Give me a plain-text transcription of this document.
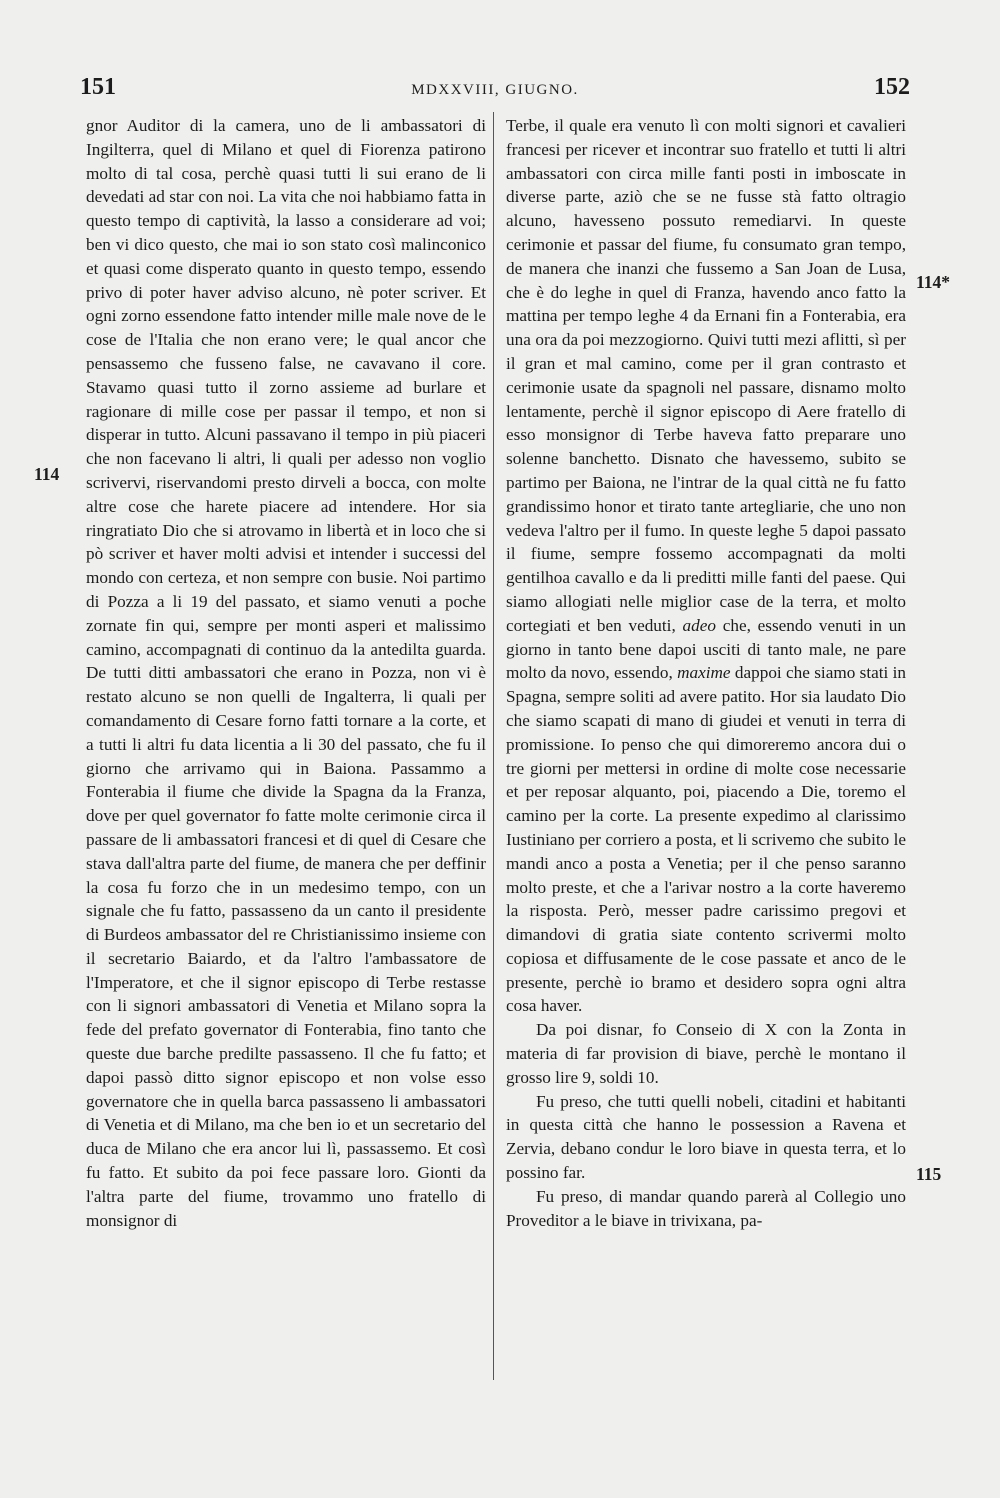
151	MDXXVIII, GIUGNO.	152
114
114*
115

gnor Auditor di la camera, uno de li ambassatori di Ingilterra, quel di Milano et quel di Fiorenza patirono molto di tal cosa, perchè quasi tutti li sui erano de li devedati ad star con noi. La vita che noi habbiamo fatta in questo tempo di captività, la lasso a considerare ad voi; ben vi dico questo, che mai io son stato così malinconico et quasi come disperato quanto in questo tempo, essendo privo di poter haver adviso alcuno, nè poter scriver. Et ogni zorno essendone fatto intender mille male nove de le cose de l'Italia che non erano vere; le qual ancor che pensassemo che fusseno false, ne cavavano il core. Stavamo quasi tutto il zorno assieme ad burlare et ragionare di mille cose per passar il tempo, et non si disperar in tutto. Alcuni passavano il tempo in più piaceri che non facevano li altri, li quali per adesso non voglio scrivervi, riservandomi presto dirveli a bocca, con molte altre cose che harete piacere ad intendere. Hor sia ringratiato Dio che si atrovamo in libertà et in loco che si pò scriver et haver molti advisi et intender i successi del mondo con certeza, et non sempre con busie. Noi partimo di Pozza a li 19 del passato, et siamo venuti a poche zornate fin qui, sempre per monti asperi et malissimo camino, accompagnati di continuo da la antedilta guarda. De tutti ditti ambassatori che erano in Pozza, non vi è restato alcuno se non quelli de Ingalterra, li quali per comandamento di Cesare forno fatti tornare a la corte, et a tutti li altri fu data licentia a li 30 del passato, che fu il giorno che arrivamo qui in Baiona. Passammo a Fonterabia il fiume che divide la Spagna da la Franza, dove per quel governator fo fatte molte cerimonie circa il passare de li ambassatori francesi et di quel di Cesare che stava dall'altra parte del fiume, de manera che per deffinir la cosa fu forzo che in un medesimo tempo, con un signale che fu fatto, passasseno da un canto il presidente di Burdeos ambassator del re Christianissimo insieme con il secretario Baiardo, et da l'altro l'ambassatore de l'Imperatore, et che il signor episcopo di Terbe restasse con li signori ambassatori di Venetia et Milano sopra la fede del prefato governator di Fonterabia, fino tanto che queste due barche predilte passasseno. Il che fu fatto; et dapoi passò ditto signor episcopo et non volse esso governatore che in quella barca passasseno li ambassatori di Venetia et di Milano, ma che ben io et un secretario del duca de Milano che era ancor lui lì, passassemo. Et così fu fatto. Et subito da poi fece passare loro. Gionti da l'altra parte del fiume, trovammo uno fratello di monsignor di

Terbe, il quale era venuto lì con molti signori et cavalieri francesi per ricever et incontrar suo fratello et tutti li altri ambassatori con circa mille fanti posti in imboscate in diverse parte, aziò che se ne fusse stà fatto oltragio alcuno, havesseno possuto remediarvi. In queste cerimonie et passar del fiume, fu consumato gran tempo, de manera che inanzi che fussemo a San Joan de Lusa, che è do leghe in quel di Franza, havendo anco fatto la mattina per tempo leghe 4 da Ernani fin a Fonterabia, era una ora da poi mezzogiorno. Quivi tutti mezi aflitti, sì per il gran et mal camino, come per il gran contrasto et cerimonie usate da spagnoli nel passare, disnamo molto lentamente, perchè il signor episcopo di Aere fratello di esso monsignor di Terbe haveva fatto preparare uno solenne banchetto. Disnato che havessemo, subito se partimo per Baiona, ne l'intrar de la qual città ne fu fatto grandissimo honor et tirato tante artegliarie, che uno non vedeva l'altro per il fumo. In queste leghe 5 dapoi passato il fiume, sempre fossemo accompagnati da molti gentilhoa cavallo e da li preditti mille fanti del paese. Qui siamo allogiati nelle miglior case de la terra, et molto cortegiati et ben veduti, adeo che, essendo venuti in un giorno in tanto bene dapoi usciti di tanto male, ne pare molto da novo, essendo, maxime dappoi che siamo stati in Spagna, sempre soliti ad avere patito. Hor sia laudato Dio che siamo scapati di mano di giudei et venuti in terra di promissione. Io penso che qui dimoreremo ancora dui o tre giorni per mettersi in ordine di molte cose necessarie et per reposar alquanto, poi, piacendo a Die, toremo el camino per la corte. La presente expedimo al clarissimo Iustiniano per corriero a posta, et li scrivemo che subito le mandi anco a posta a Venetia; per il che penso saranno molto preste, et che a l'arivar nostro a la corte haveremo la risposta. Però, messer padre carissimo pregovi et dimandovi di gratia siate contento scrivermi molto copiosa et diffusamente de le cose passate et anco de le presente, perchè io bramo et desidero sopra ogni altra cosa haver.

Da poi disnar, fo Conseio di X con la Zonta in materia di far provision di biave, perchè le montano il grosso lire 9, soldi 10.

Fu preso, che tutti quelli nobeli, citadini et habitanti in questa città che hanno le possession a Ravena et Zervia, debano condur le loro biave in questa terra, et lo possino far.

Fu preso, di mandar quando parerà al Collegio uno Proveditor a le biave in trivixana, pa-
